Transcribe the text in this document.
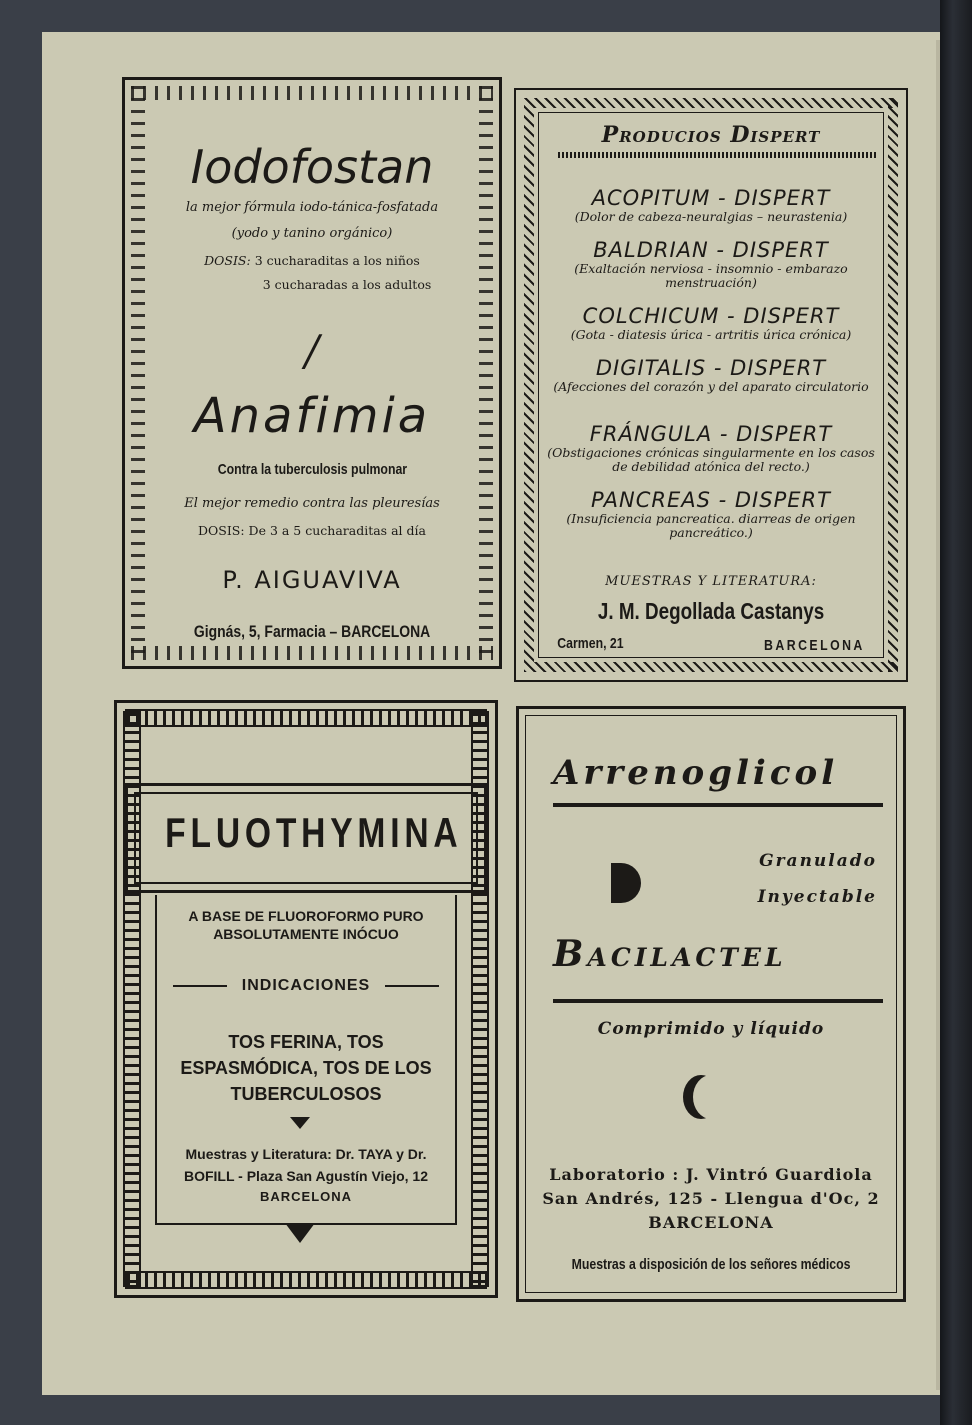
Iodofostan
la mejor fórmula iodo-tánica-fosfatada
(yodo y tanino orgánico)
DOSIS: 3 cucharaditas a los niños
3 cucharadas a los adultos
/
Anafimia
Contra la tuberculosis pulmonar
El mejor remedio contra las pleuresías
DOSIS: De 3 a 5 cucharaditas al día
P. AIGUAVIVA
Gignás, 5, Farmacia – BARCELONA
Producios Dispert
ACOPITUM - DISPERT
(Dolor de cabeza-neuralgias – neurastenia)
BALDRIAN - DISPERT
(Exaltación nerviosa - insomnio - embarazo menstruación)
COLCHICUM - DISPERT
(Gota - diatesis úrica - artritis úrica crónica)
DIGITALIS - DISPERT
(Afecciones del corazón y del aparato circulatorio
FRÁNGULA - DISPERT
(Obstigaciones crónicas singularmente en los casos de debilidad atónica del recto.)
PANCREAS - DISPERT
(Insuficiencia pancreatica. diarreas de origen pancreático.)
MUESTRAS Y LITERATURA:
J. M. Degollada Castanys
Carmen, 21	BARCELONA
FLUOTHYMINA
A BASE DE FLUOROFORMO PURO ABSOLUTAMENTE INÓCUO
INDICACIONES
TOS FERINA, TOS ESPASMÓDICA, TOS DE LOS TUBERCULOSOS
Muestras y Literatura: Dr. TAYA y Dr. BOFILL - Plaza San Agustín Viejo, 12
BARCELONA
Arrenoglicol
Granulado
Inyectable
Bacilactel
Comprimido y líquido
Laboratorio : J. Vintró Guardiola
San Andrés, 125 - Llengua d'Oc, 2
BARCELONA
Muestras a disposición de los señores médicos
